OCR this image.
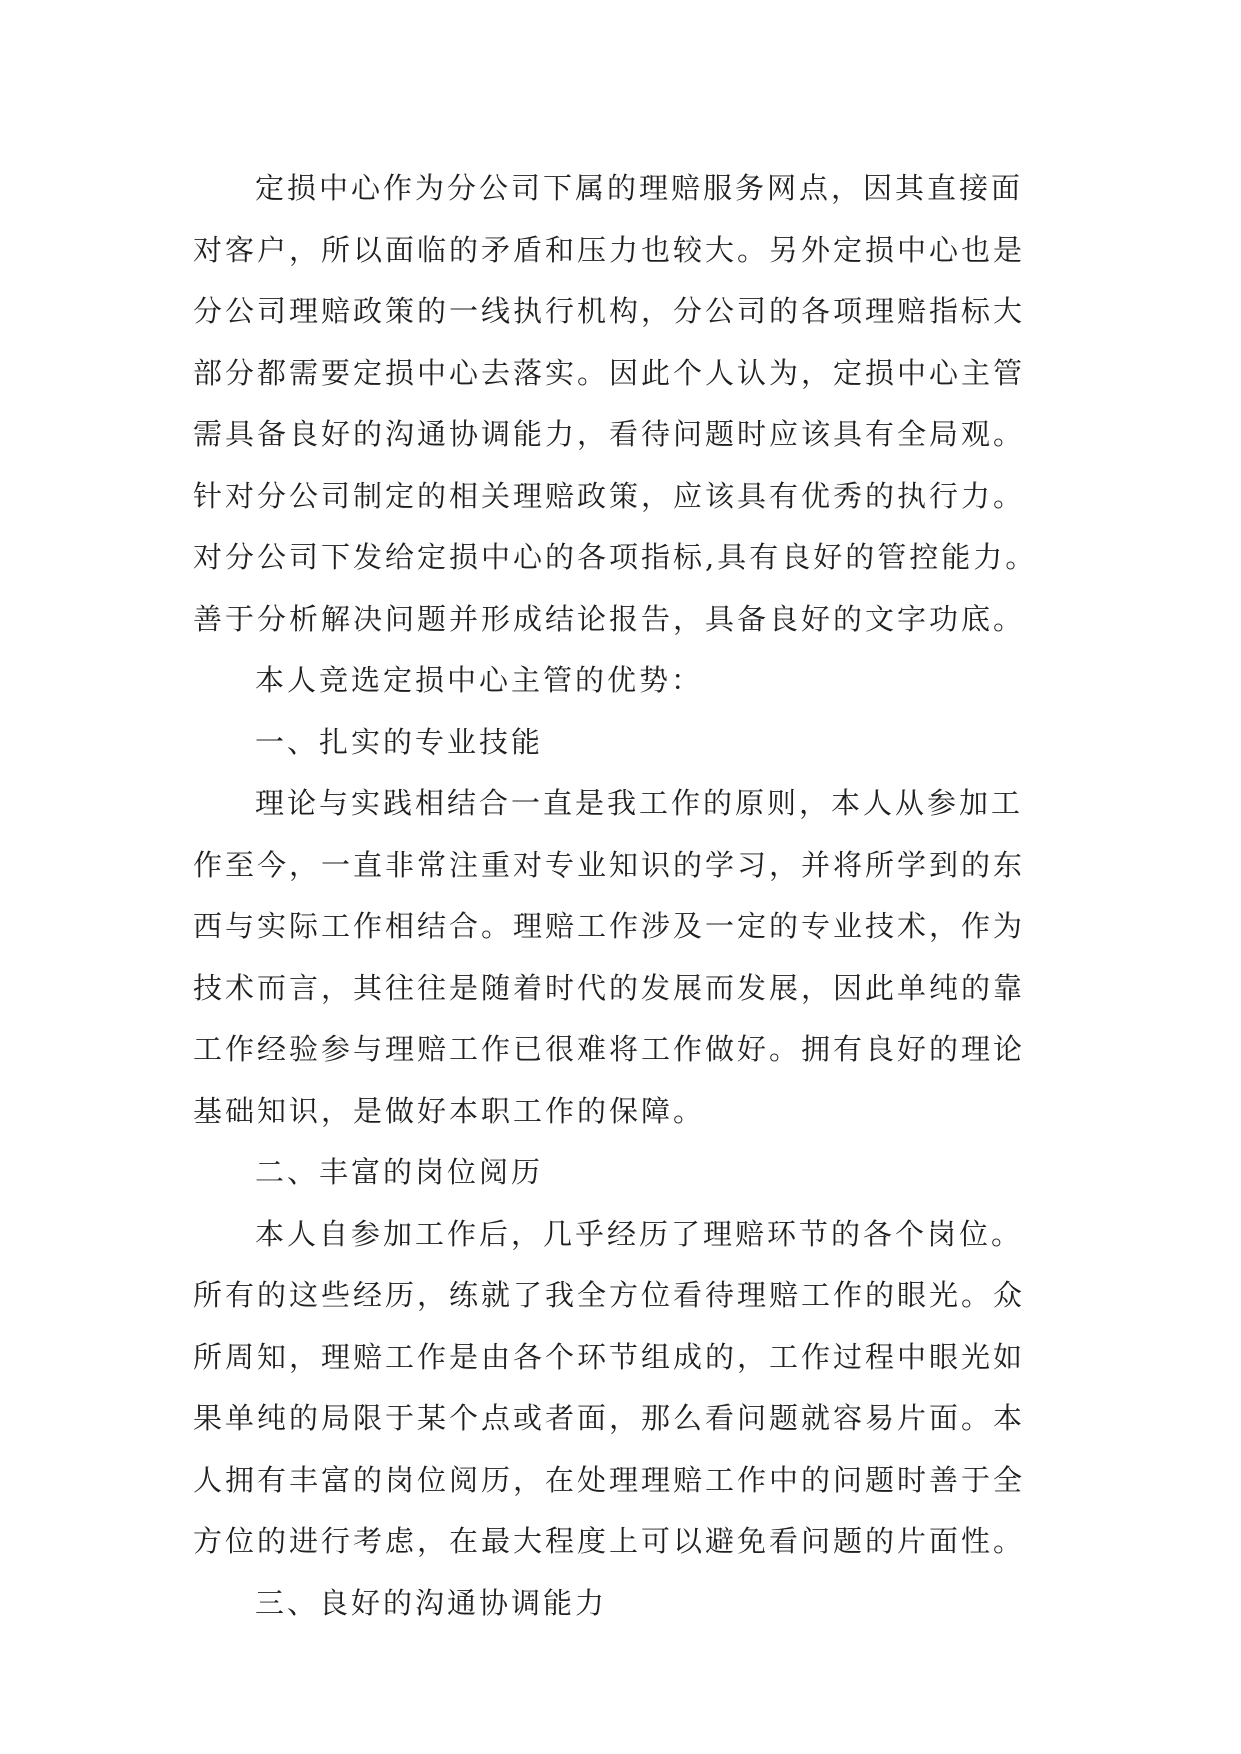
定损中心作为分公司下属的理赔服务网点，因其直接面
对客户，所以面临的矛盾和压力也较大。另外定损中心也是
分公司理赔政策的一线执行机构，分公司的各项理赔指标大
部分都需要定损中心去落实。因此个人认为，定损中心主管
需具备良好的沟通协调能力，看待问题时应该具有全局观。
针对分公司制定的相关理赔政策，应该具有优秀的执行力。
对分公司下发给定损中心的各项指标,具有良好的管控能力。
善于分析解决问题并形成结论报告，具备良好的文字功底。
本人竞选定损中心主管的优势：
一、扎实的专业技能
理论与实践相结合一直是我工作的原则，本人从参加工
作至今，一直非常注重对专业知识的学习，并将所学到的东
西与实际工作相结合。理赔工作涉及一定的专业技术，作为
技术而言，其往往是随着时代的发展而发展，因此单纯的靠
工作经验参与理赔工作已很难将工作做好。拥有良好的理论
基础知识，是做好本职工作的保障。
二、丰富的岗位阅历
本人自参加工作后，几乎经历了理赔环节的各个岗位。
所有的这些经历，练就了我全方位看待理赔工作的眼光。众
所周知，理赔工作是由各个环节组成的，工作过程中眼光如
果单纯的局限于某个点或者面，那么看问题就容易片面。本
人拥有丰富的岗位阅历，在处理理赔工作中的问题时善于全
方位的进行考虑，在最大程度上可以避免看问题的片面性。
三、良好的沟通协调能力
